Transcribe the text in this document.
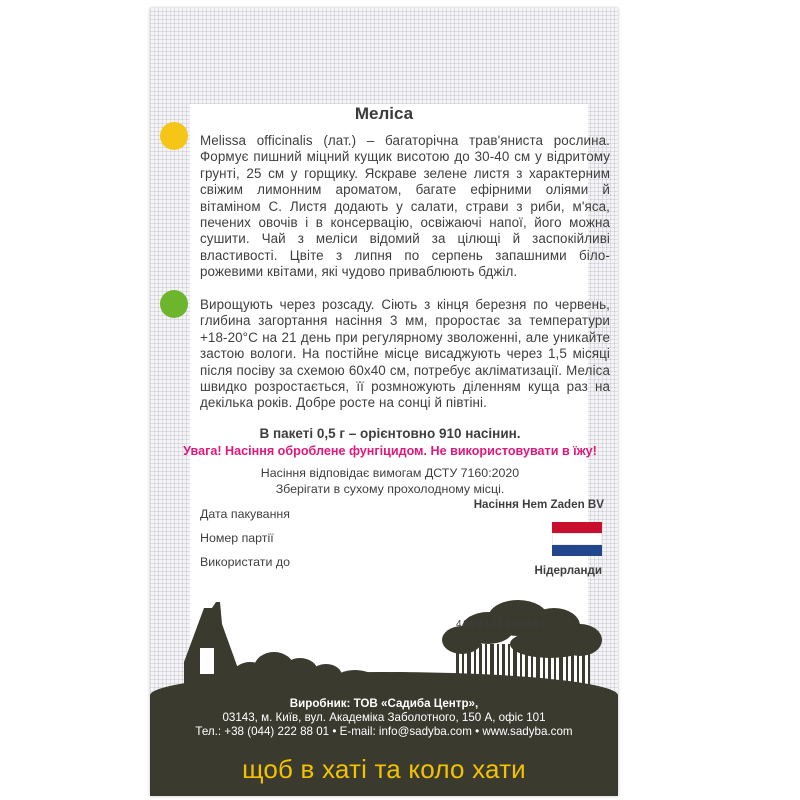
Меліса
Melissa officinalis (лат.) – багаторічна трав'яниста рослина. Формує пишний міцний кущик висотою до 30-40 см у відритому грунті, 25 см у горщику. Яскраве зелене листя з характерним свіжим лимонним ароматом, багате ефірними оліями й вітаміном С. Листя додають у салати, страви з риби, м'яса, печених овочів і в консервацію, освіжаючі напої, його можна сушити. Чай з меліси відомий за цілющі й заспокійливі властивості. Цвіте з липня по серпень запашними біло-рожевими квітами, які чудово приваблюють бджіл.
Вирощують через розсаду. Сіють з кінця березня по червень, глибина загортання насіння 3 мм, проростає за температури +18-20°С на 21 день при регулярному зволоженні, але уникайте застою вологи. На постійне місце висаджують через 1,5 місяці після посіву за схемою 60х40 см, потребує акліматизації. Меліса швидко розростається, її розмножують діленням куща раз на декілька років. Добре росте на сонці й півтіні.
В пакеті 0,5 г – орієнтовно 910 насінин.
Увага! Насіння оброблене фунгіцидом. Не використовувати в їжу!
Насіння відповідає вимогам ДСТУ 7160:2020
Зберігати в сухому прохолодному місці.
Насіння Hem Zaden BV
Дата пакування
Номер партії
Використати до
Нідерланди
4823111403357
Виробник: ТОВ «Садиба Центр»,
03143, м. Київ, вул. Академіка Заболотного, 150 А, офіс 101
Тел.: +38 (044) 222 88 01 • E-mail: info@sadyba.com • www.sadyba.com
щоб в хаті та коло хати
